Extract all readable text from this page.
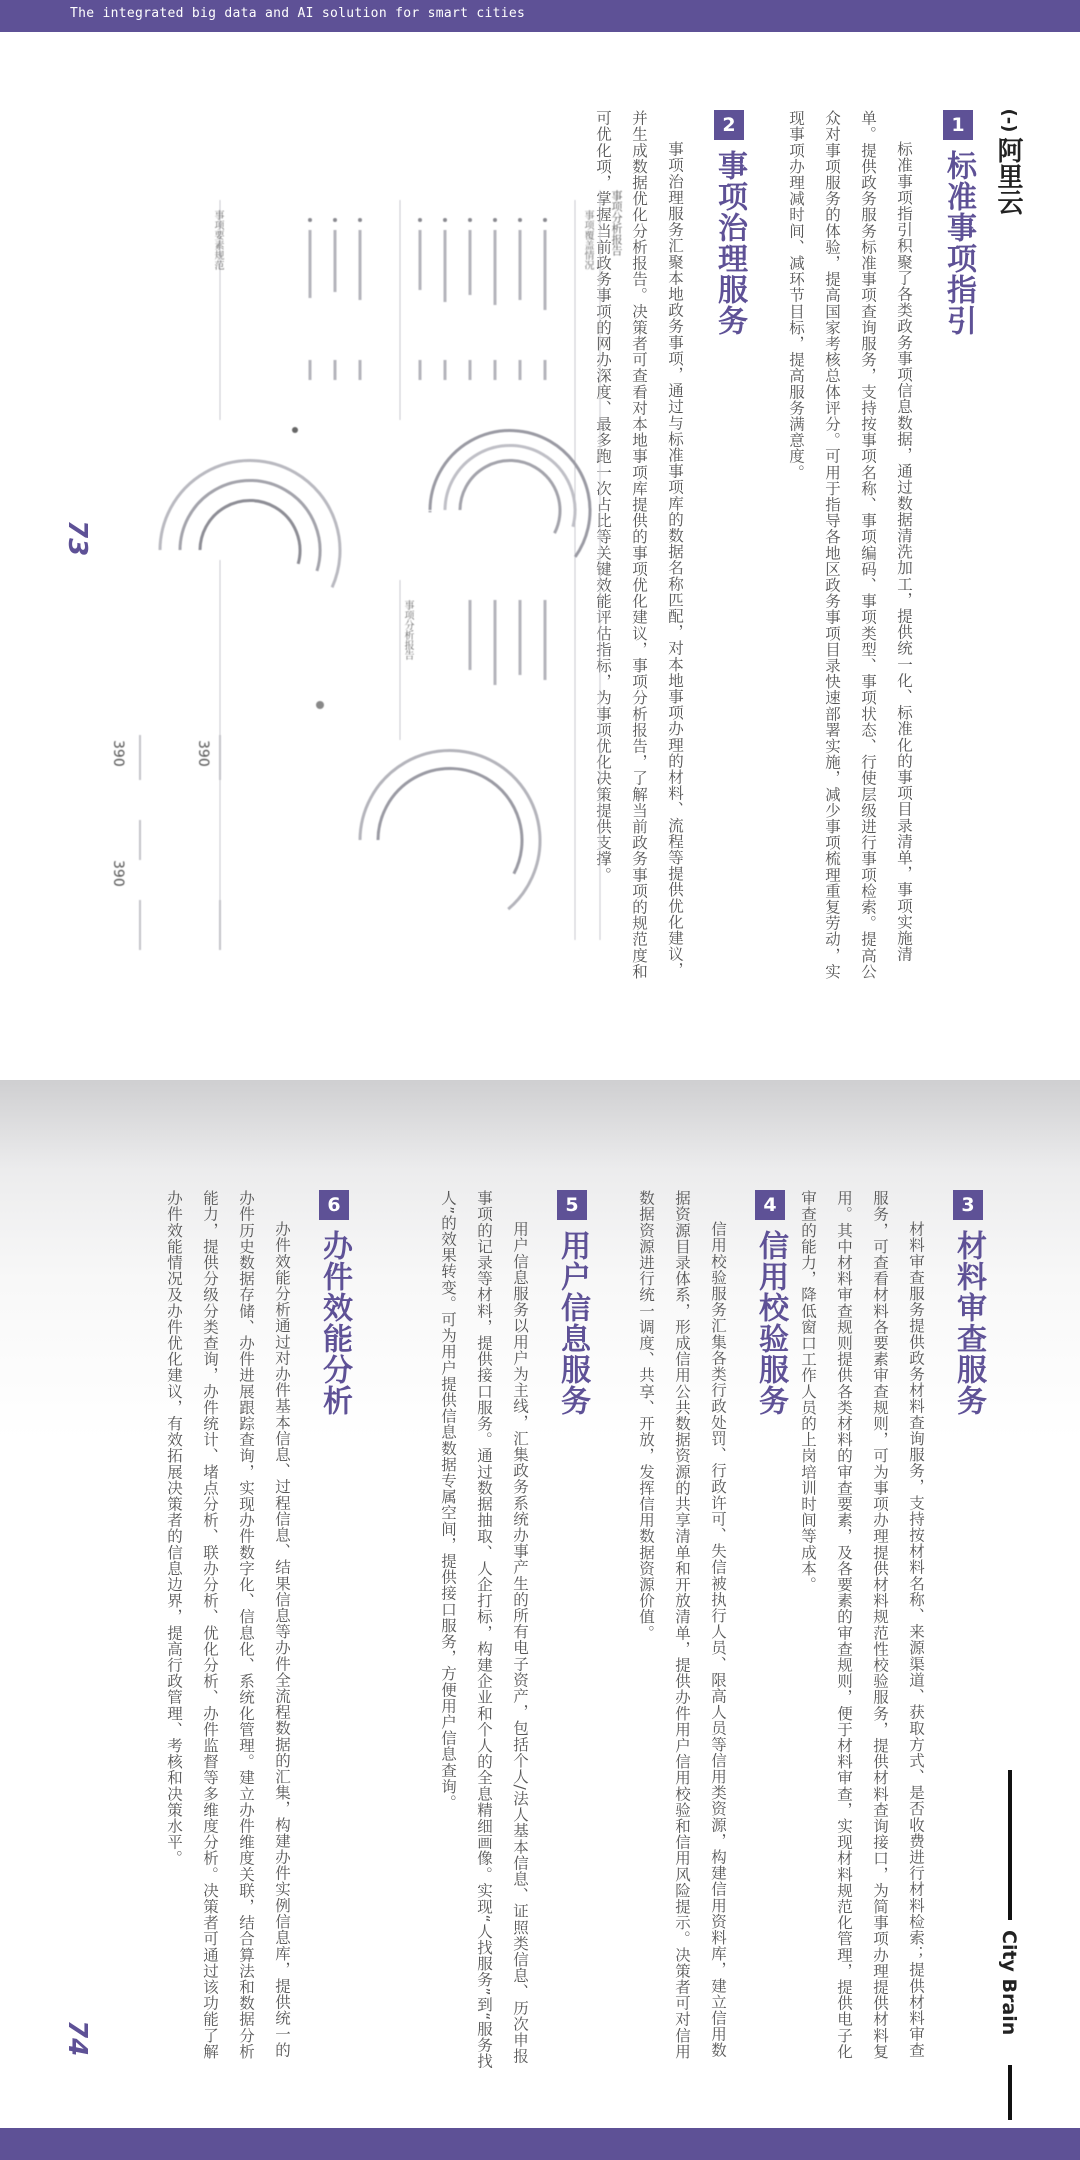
The integrated big data and AI solution for smart cities
(-)
阿里云
1
标准事项指引
标准事项指引积聚了各类政务事项信息数据，通过数据清洗加工，提供统一化、标准化的事项目录清单，事项实施清单。提供政务服务标准事项查询服务，支持按事项名称、事项编码、事项类型、事项状态、行使层级进行事项检索。提高公众对事项服务的体验，提高国家考核总体评分。可用于指导各地区政务事项目录快速部署实施，减少事项梳理重复劳动，实现事项办理减时间、减环节目标，提高服务满意度。
2
事项治理服务
事项治理服务汇聚本地政务事项，通过与标准事项库的数据名称匹配，对本地事项办理的材料、流程等提供优化建议，并生成数据优化分析报告。决策者可查看对本地事项库提供的事项优化建议，事项分析报告，了解当前政务事项的规范度和可优化项，掌握当前政务事项的网办深度、最多跑一次占比等关键效能评估指标，为事项优化决策提供支撑。
事项分析报告
事项覆盖情况
事项分析报告
事项要素规范
390
390
390
73
3
材料审查服务
材料审查服务提供政务材料查询服务，支持按材料名称、来源渠道、获取方式、是否收费进行材料检索；提供材料审查服务，可查看材料各要素审查规则，可为事项办理提供材料规范性校验服务，提供材料查询接口，为简事项办理提供材料复用。其中材料审查规则提供各类材料的审查要素，及各要素的审查规则，便于材料审查，实现材料规范化管理，提供电子化审查的能力，降低窗口工作人员的上岗培训时间等成本。
4
信用校验服务
信用校验服务汇集各类行政处罚、行政许可、失信被执行人员、限高人员等信用类资源，构建信用资料库，建立信用数据资源目录体系，形成信用公共数据资源的共享清单和开放清单，提供办件用户信用校验和信用风险提示。决策者可对信用数据资源进行统一调度、共享、开放，发挥信用数据资源价值。
5
用户信息服务
用户信息服务以用户为主线，汇集政务系统办事产生的所有电子资产，包括个人/法人基本信息、证照类信息、历次申报事项的记录等材料，提供接口服务。通过数据抽取、人企打标，构建企业和个人的全息精细画像。实现“人找服务”到“服务找人”的效果转变。可为用户提供信息数据专属空间，提供接口服务，方便用户信息查询。
6
办件效能分析
办件效能分析通过对办件基本信息、过程信息、结果信息等办件全流程数据的汇集，构建办件实例信息库，提供统一的办件历史数据存储、办件进展跟踪查询，实现办件数字化、信息化、系统化管理。建立办件维度关联，结合算法和数据分析能力，提供分级分类查询，办件统计、堵点分析、联办分析、优化分析、办件监督等多维度分析。决策者可通过该功能了解办件效能情况及办件优化建议，有效拓展决策者的信息边界，提高行政管理、考核和决策水平。
74
City Brain
